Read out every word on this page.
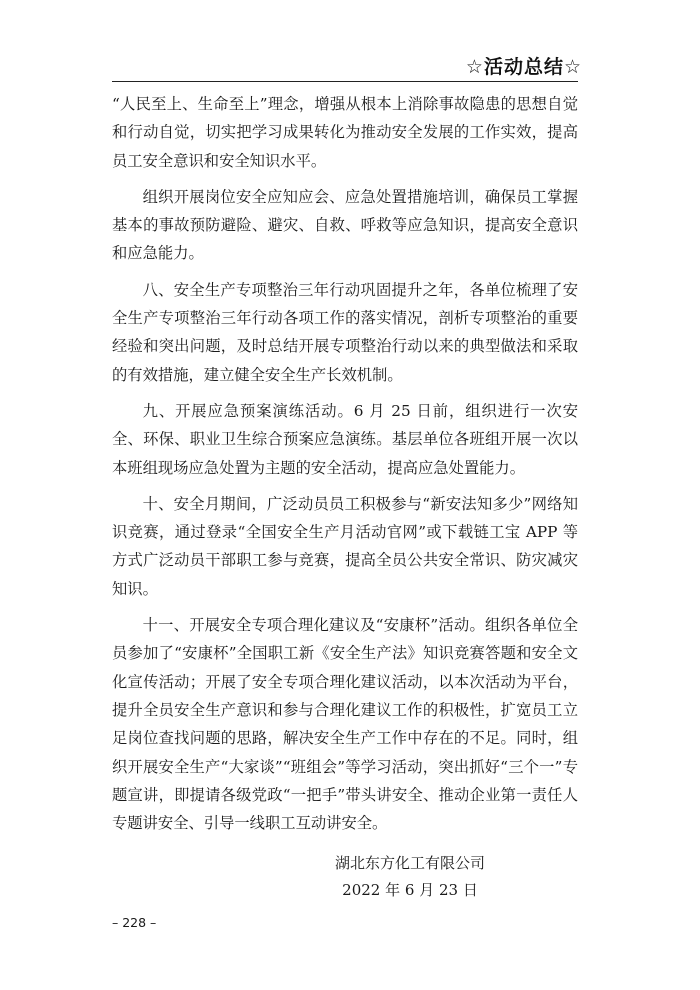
☆活动总结☆

“人民至上、生命至上”理念，增强从根本上消除事故隐患的思想自觉和行动自觉，切实把学习成果转化为推动安全发展的工作实效，提高员工安全意识和安全知识水平。

组织开展岗位安全应知应会、应急处置措施培训，确保员工掌握基本的事故预防避险、避灾、自救、呼救等应急知识，提高安全意识和应急能力。

八、安全生产专项整治三年行动巩固提升之年，各单位梳理了安全生产专项整治三年行动各项工作的落实情况，剖析专项整治的重要经验和突出问题，及时总结开展专项整治行动以来的典型做法和采取的有效措施，建立健全安全生产长效机制。

九、开展应急预案演练活动。6 月 25 日前，组织进行一次安全、环保、职业卫生综合预案应急演练。基层单位各班组开展一次以本班组现场应急处置为主题的安全活动，提高应急处置能力。

十、安全月期间，广泛动员员工积极参与“新安法知多少”网络知识竞赛，通过登录“全国安全生产月活动官网”或下载链工宝 APP 等方式广泛动员干部职工参与竞赛，提高全员公共安全常识、防灾减灾知识。

十一、开展安全专项合理化建议及“安康杯”活动。组织各单位全员参加了“安康杯”全国职工新《安全生产法》知识竞赛答题和安全文化宣传活动；开展了安全专项合理化建议活动，以本次活动为平台，提升全员安全生产意识和参与合理化建议工作的积极性，扩宽员工立足岗位查找问题的思路，解决安全生产工作中存在的不足。同时，组织开展安全生产“大家谈”“班组会”等学习活动，突出抓好“三个一”专题宣讲，即提请各级党政“一把手”带头讲安全、推动企业第一责任人专题讲安全、引导一线职工互动讲安全。

湖北东方化工有限公司
2022 年 6 月 23 日
– 228 –
